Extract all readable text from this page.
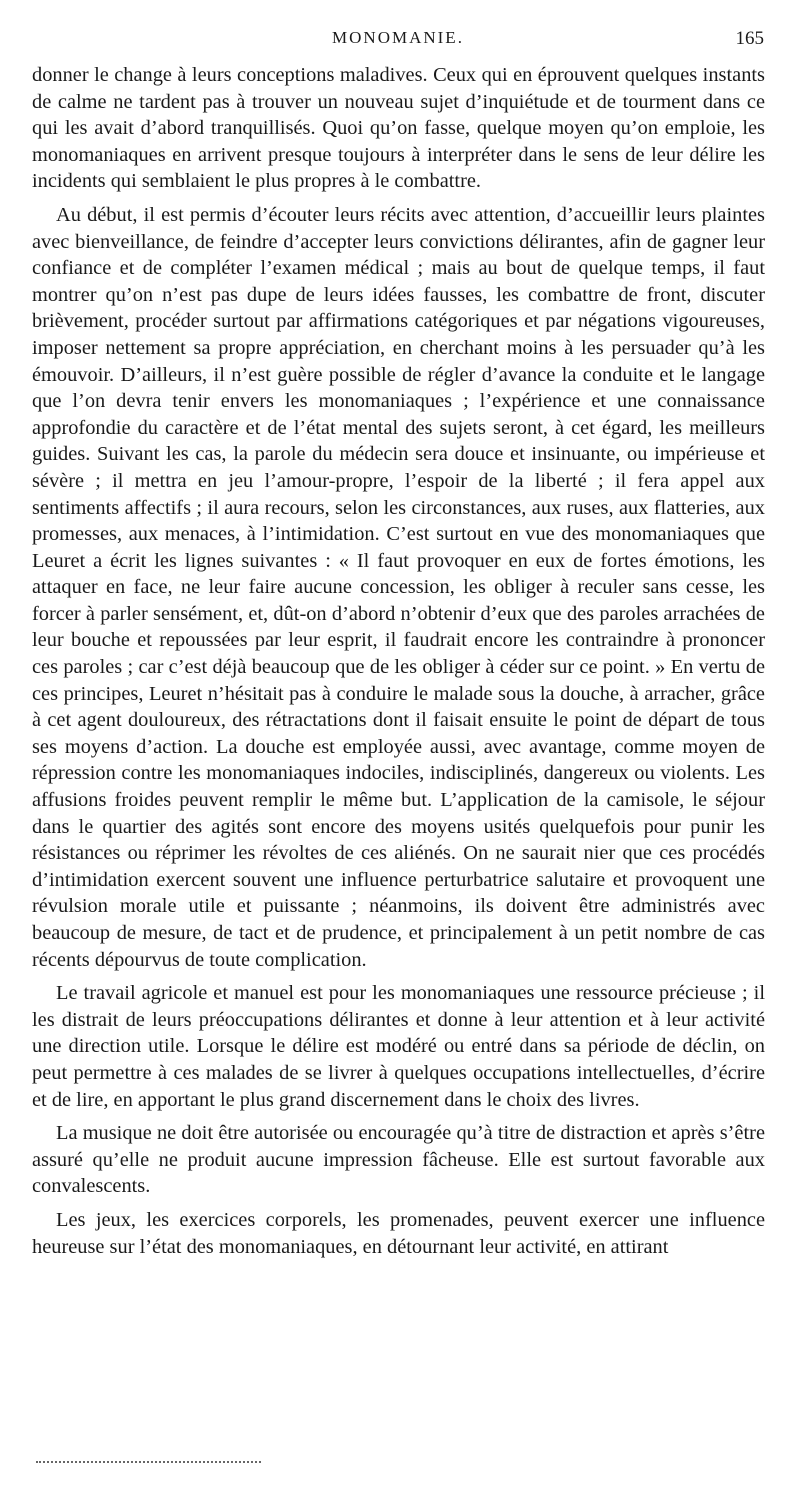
MONOMANIE.	165

donner le change à leurs conceptions maladives. Ceux qui en éprouvent quelques instants de calme ne tardent pas à trouver un nouveau sujet d’inquiétude et de tourment dans ce qui les avait d’abord tranquillisés. Quoi qu’on fasse, quelque moyen qu’on emploie, les monomaniaques en arrivent presque toujours à interpréter dans le sens de leur délire les incidents qui semblaient le plus propres à le combattre.

Au début, il est permis d’écouter leurs récits avec attention, d’accueillir leurs plaintes avec bienveillance, de feindre d’accepter leurs convictions délirantes, afin de gagner leur confiance et de compléter l’examen médical ; mais au bout de quelque temps, il faut montrer qu’on n’est pas dupe de leurs idées fausses, les combattre de front, discuter brièvement, procéder surtout par affirmations catégoriques et par négations vigoureuses, imposer nettement sa propre appréciation, en cherchant moins à les persuader qu’à les émouvoir. D’ailleurs, il n’est guère possible de régler d’avance la conduite et le langage que l’on devra tenir envers les monomaniaques ; l’expérience et une connaissance approfondie du caractère et de l’état mental des sujets seront, à cet égard, les meilleurs guides. Suivant les cas, la parole du médecin sera douce et insinuante, ou impérieuse et sévère ; il mettra en jeu l’amour-propre, l’espoir de la liberté ; il fera appel aux sentiments affectifs ; il aura recours, selon les circonstances, aux ruses, aux flatteries, aux promesses, aux menaces, à l’intimidation. C’est surtout en vue des monomaniaques que Leuret a écrit les lignes suivantes : « Il faut provoquer en eux de fortes émotions, les attaquer en face, ne leur faire aucune concession, les obliger à reculer sans cesse, les forcer à parler sensément, et, dût-on d’abord n’obtenir d’eux que des paroles arrachées de leur bouche et repoussées par leur esprit, il faudrait encore les contraindre à prononcer ces paroles ; car c’est déjà beaucoup que de les obliger à céder sur ce point. » En vertu de ces principes, Leuret n’hésitait pas à conduire le malade sous la douche, à arracher, grâce à cet agent douloureux, des rétractations dont il faisait ensuite le point de départ de tous ses moyens d’action. La douche est employée aussi, avec avantage, comme moyen de répression contre les monomaniaques indociles, indisciplinés, dangereux ou violents. Les affusions froides peuvent remplir le même but. L’application de la camisole, le séjour dans le quartier des agités sont encore des moyens usités quelquefois pour punir les résistances ou réprimer les révoltes de ces aliénés. On ne saurait nier que ces procédés d’intimidation exercent souvent une influence perturbatrice salutaire et provoquent une révulsion morale utile et puissante ; néanmoins, ils doivent être administrés avec beaucoup de mesure, de tact et de prudence, et principalement à un petit nombre de cas récents dépourvus de toute complication.

Le travail agricole et manuel est pour les monomaniaques une ressource précieuse ; il les distrait de leurs préoccupations délirantes et donne à leur attention et à leur activité une direction utile. Lorsque le délire est modéré ou entré dans sa période de déclin, on peut permettre à ces malades de se livrer à quelques occupations intellectuelles, d’écrire et de lire, en apportant le plus grand discernement dans le choix des livres.

La musique ne doit être autorisée ou encouragée qu’à titre de distraction et après s’être assuré qu’elle ne produit aucune impression fâcheuse. Elle est surtout favorable aux convalescents.

Les jeux, les exercices corporels, les promenades, peuvent exercer une influence heureuse sur l’état des monomaniaques, en détournant leur activité, en attirant
